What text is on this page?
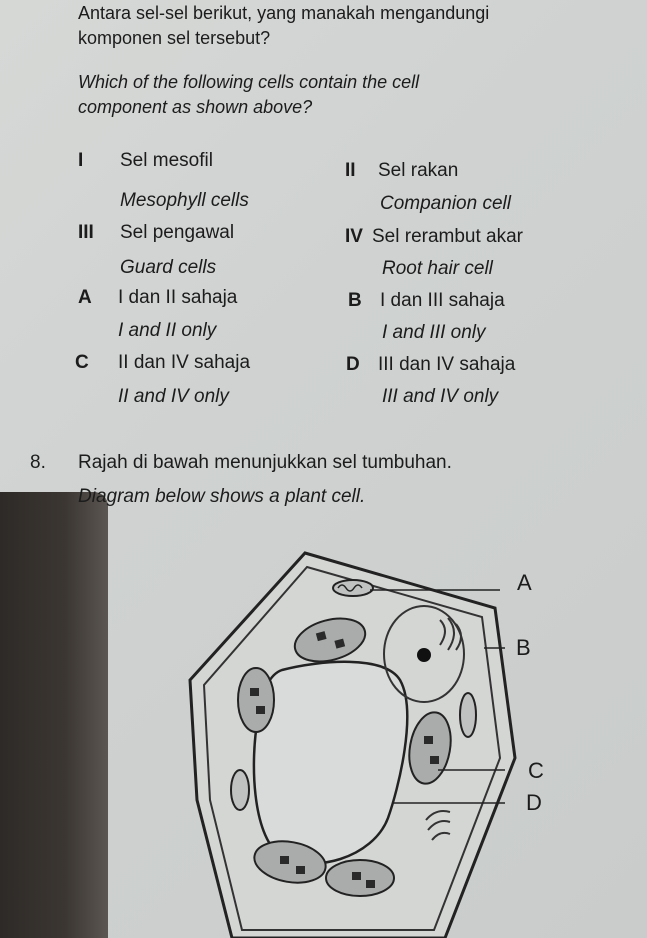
Antara sel-sel berikut, yang manakah mengandungi
komponen sel tersebut?
Which of the following cells contain the cell
component as shown above?
I Sel mesofil
Mesophyll cells
II Sel rakan
Companion cell
III Sel pengawal
Guard cells
IV Sel rerambut akar
Root hair cell
A I dan II sahaja
I and II only
B I dan III sahaja
I and III only
C II dan IV sahaja
II and IV only
D III dan IV sahaja
III and IV only
8. Rajah di bawah menunjukkan sel tumbuhan.
Diagram below shows a plant cell.
A
B
C
D
